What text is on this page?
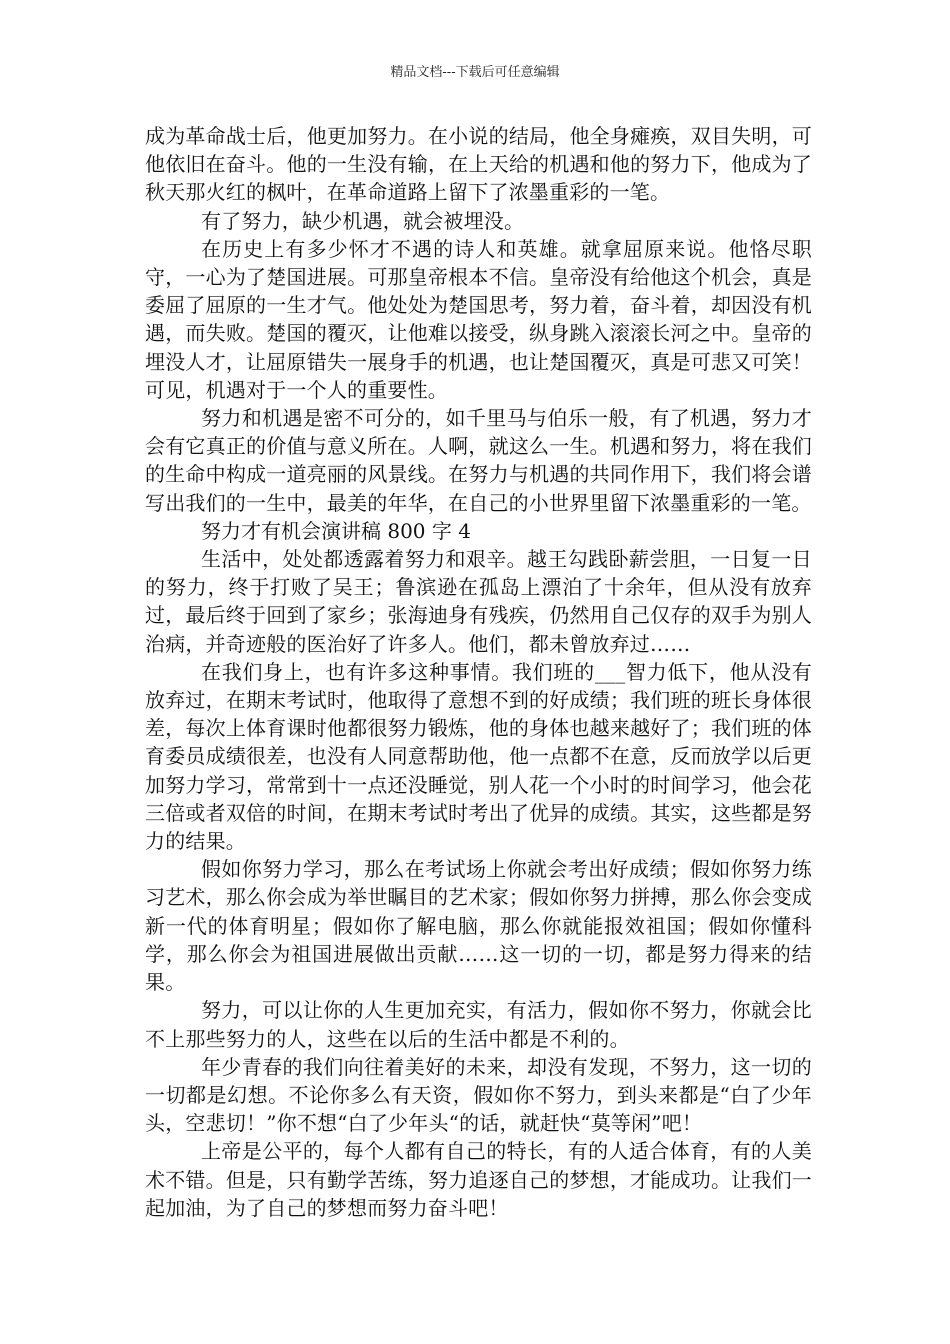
精品文档---下载后可任意编辑

成为革命战士后，他更加努力。在小说的结局，他全身瘫痪，双目失明，可他依旧在奋斗。他的一生没有输，在上天给的机遇和他的努力下，他成为了秋天那火红的枫叶，在革命道路上留下了浓墨重彩的一笔。

有了努力，缺少机遇，就会被埋没。

在历史上有多少怀才不遇的诗人和英雄。就拿屈原来说。他恪尽职守，一心为了楚国进展。可那皇帝根本不信。皇帝没有给他这个机会，真是委屈了屈原的一生才气。他处处为楚国思考，努力着，奋斗着，却因没有机遇，而失败。楚国的覆灭，让他难以接受，纵身跳入滚滚长河之中。皇帝的埋没人才，让屈原错失一展身手的机遇，也让楚国覆灭，真是可悲又可笑！可见，机遇对于一个人的重要性。

努力和机遇是密不可分的，如千里马与伯乐一般，有了机遇，努力才会有它真正的价值与意义所在。人啊，就这么一生。机遇和努力，将在我们的生命中构成一道亮丽的风景线。在努力与机遇的共同作用下，我们将会谱写出我们的一生中，最美的年华，在自己的小世界里留下浓墨重彩的一笔。

努力才有机会演讲稿 800 字 4

生活中，处处都透露着努力和艰辛。越王勾践卧薪尝胆，一日复一日的努力，终于打败了吴王；鲁滨逊在孤岛上漂泊了十余年，但从没有放弃过，最后终于回到了家乡；张海迪身有残疾，仍然用自己仅存的双手为别人治病，并奇迹般的医治好了许多人。他们，都未曾放弃过……

在我们身上，也有许多这种事情。我们班的___智力低下，他从没有放弃过，在期末考试时，他取得了意想不到的好成绩；我们班的班长身体很差，每次上体育课时他都很努力锻炼，他的身体也越来越好了；我们班的体育委员成绩很差，也没有人同意帮助他，他一点都不在意，反而放学以后更加努力学习，常常到十一点还没睡觉，别人花一个小时的时间学习，他会花三倍或者双倍的时间，在期末考试时考出了优异的成绩。其实，这些都是努力的结果。

假如你努力学习，那么在考试场上你就会考出好成绩；假如你努力练习艺术，那么你会成为举世瞩目的艺术家；假如你努力拼搏，那么你会变成新一代的体育明星；假如你了解电脑，那么你就能报效祖国；假如你懂科学，那么你会为祖国进展做出贡献……这一切的一切，都是努力得来的结果。

努力，可以让你的人生更加充实，有活力，假如你不努力，你就会比不上那些努力的人，这些在以后的生活中都是不利的。

年少青春的我们向往着美好的未来，却没有发现，不努力，这一切的一切都是幻想。不论你多么有天资，假如你不努力，到头来都是“白了少年头，空悲切！”你不想“白了少年头“的话，就赶快“莫等闲”吧！

上帝是公平的，每个人都有自己的特长，有的人适合体育，有的人美术不错。但是，只有勤学苦练，努力追逐自己的梦想，才能成功。让我们一起加油，为了自己的梦想而努力奋斗吧！
